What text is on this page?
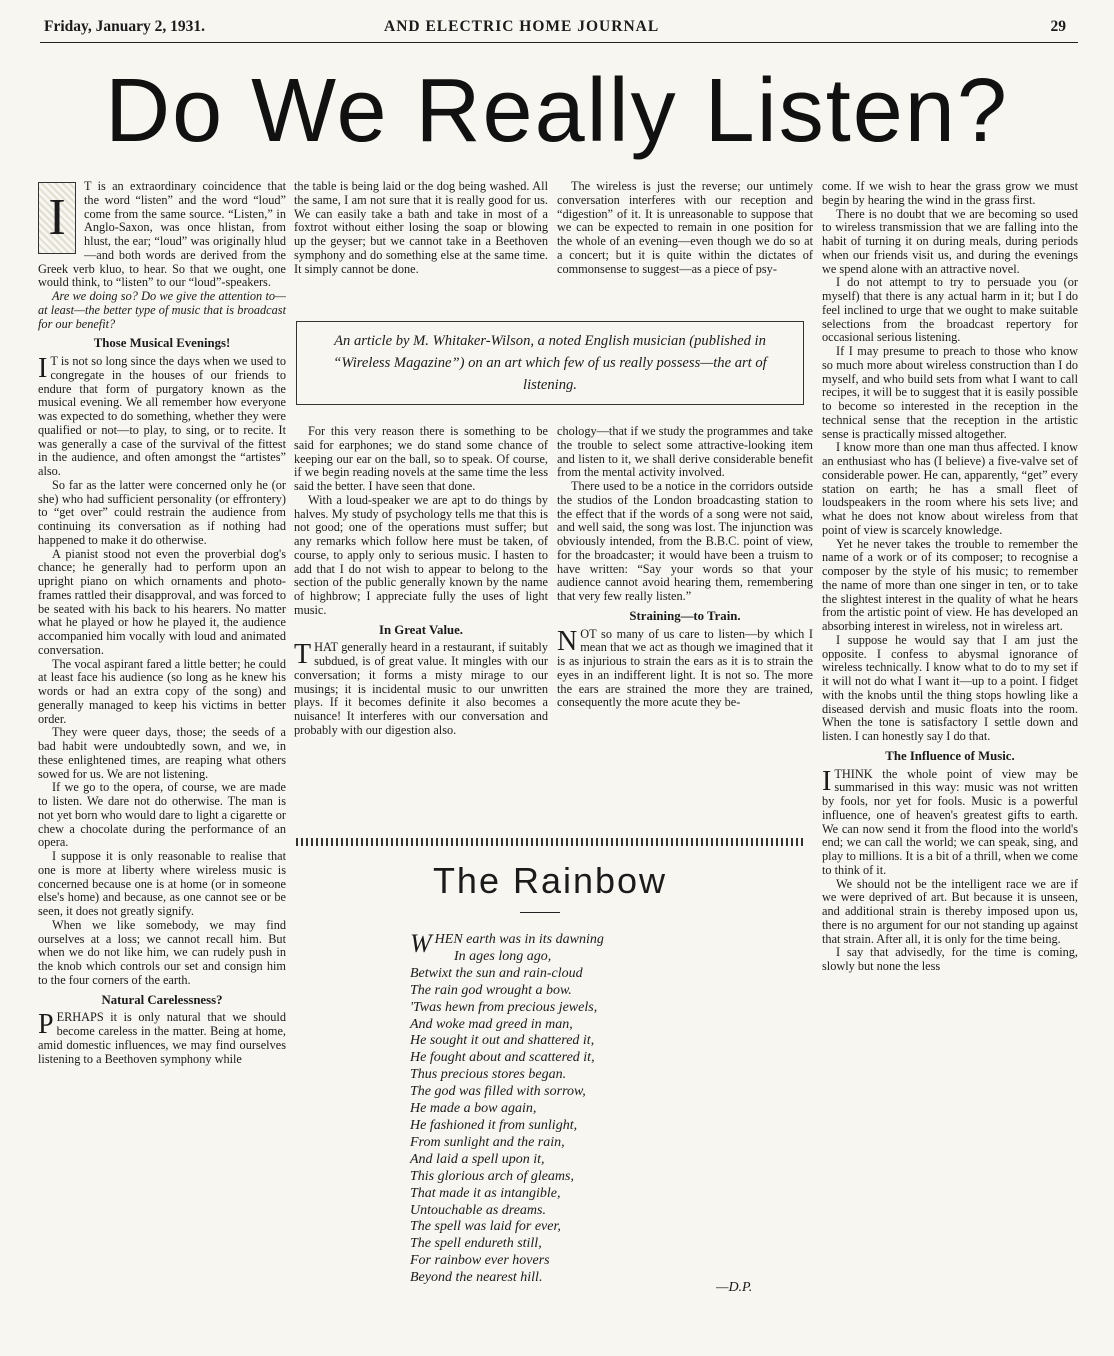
Friday, January 2, 1931.	AND ELECTRIC HOME JOURNAL	29
Do We Really Listen?
I

T is an extraordinary coincidence that the word “listen” and the word “loud” come from the same source. “Listen,” in Anglo-Saxon, was once hlistan, from hlust, the ear; “loud” was originally hlud—and both words are derived from the Greek verb kluo, to hear. So that we ought, one would think, to “listen” to our “loud”-speakers.

Are we doing so? Do we give the attention to—at least—the better type of music that is broadcast for our benefit?

Those Musical Evenings!
I T is not so long since the days when we used to congregate in the houses of our friends to endure that form of purgatory known as the musical evening. We all remember how everyone was expected to do something, whether they were qualified or not—to play, to sing, or to recite. It was generally a case of the survival of the fittest in the audience, and often amongst the “artistes” also.

So far as the latter were concerned only he (or she) who had sufficient personality (or effrontery) to “get over” could restrain the audience from continuing its conversation as if nothing had happened to make it do otherwise.

A pianist stood not even the proverbial dog's chance; he generally had to perform upon an upright piano on which ornaments and photo-frames rattled their disapproval, and was forced to be seated with his back to his hearers. No matter what he played or how he played it, the audience accompanied him vocally with loud and animated conversation.

The vocal aspirant fared a little better; he could at least face his audience (so long as he knew his words or had an extra copy of the song) and generally managed to keep his victims in better order.

They were queer days, those; the seeds of a bad habit were undoubtedly sown, and we, in these enlightened times, are reaping what others sowed for us. We are not listening.

If we go to the opera, of course, we are made to listen. We dare not do otherwise. The man is not yet born who would dare to light a cigarette or chew a chocolate during the performance of an opera.

I suppose it is only reasonable to realise that one is more at liberty where wireless music is concerned because one is at home (or in someone else's home) and because, as one cannot see or be seen, it does not greatly signify.

When we like somebody, we may find ourselves at a loss; we cannot recall him. But when we do not like him, we can rudely push in the knob which controls our set and consign him to the four corners of the earth.

Natural Carelessness?
P ERHAPS it is only natural that we should become careless in the matter. Being at home, amid domestic influences, we may find ourselves listening to a Beethoven symphony while

the table is being laid or the dog being washed. All the same, I am not sure that it is really good for us. We can easily take a bath and take in most of a foxtrot without either losing the soap or blowing up the geyser; but we cannot take in a Beethoven symphony and do something else at the same time. It simply cannot be done.

The wireless is just the reverse; our untimely conversation interferes with our reception and “digestion” of it. It is unreasonable to suppose that we can be expected to remain in one position for the whole of an evening—even though we do so at a concert; but it is quite within the dictates of commonsense to suggest—as a piece of psy-

An article by M. Whitaker-Wilson, a noted English musician (published in “Wireless Magazine”) on an art which few of us really possess—the art of listening.

For this very reason there is something to be said for earphones; we do stand some chance of keeping our ear on the ball, so to speak. Of course, if we begin reading novels at the same time the less said the better. I have seen that done.

With a loud-speaker we are apt to do things by halves. My study of psychology tells me that this is not good; one of the operations must suffer; but any remarks which follow here must be taken, of course, to apply only to serious music. I hasten to add that I do not wish to appear to belong to the section of the public generally known by the name of highbrow; I appreciate fully the uses of light music.

In Great Value.
T HAT generally heard in a restaurant, if suitably subdued, is of great value. It mingles with our conversation; it forms a misty mirage to our musings; it is incidental music to our unwritten plays. If it becomes definite it also becomes a nuisance! It interferes with our conversation and probably with our digestion also.

chology—that if we study the programmes and take the trouble to select some attractive-looking item and listen to it, we shall derive considerable benefit from the mental activity involved.

There used to be a notice in the corridors outside the studios of the London broadcasting station to the effect that if the words of a song were not said, and well said, the song was lost. The injunction was obviously intended, from the B.B.C. point of view, for the broadcaster; it would have been a truism to have written: “Say your words so that your audience cannot avoid hearing them, remembering that very few really listen.”

Straining—to Train.
N OT so many of us care to listen—by which I mean that we act as though we imagined that it is as injurious to strain the ears as it is to strain the eyes in an indifferent light. It is not so. The more the ears are strained the more they are trained, consequently the more acute they be-

come. If we wish to hear the grass grow we must begin by hearing the wind in the grass first.

There is no doubt that we are becoming so used to wireless transmission that we are falling into the habit of turning it on during meals, during periods when our friends visit us, and during the evenings we spend alone with an attractive novel.

I do not attempt to try to persuade you (or myself) that there is any actual harm in it; but I do feel inclined to urge that we ought to make suitable selections from the broadcast repertory for occasional serious listening.

If I may presume to preach to those who know so much more about wireless construction than I do myself, and who build sets from what I want to call recipes, it will be to suggest that it is easily possible to become so interested in the reception in the technical sense that the reception in the artistic sense is practically missed altogether.

I know more than one man thus affected. I know an enthusiast who has (I believe) a five-valve set of considerable power. He can, apparently, “get” every station on earth; he has a small fleet of loudspeakers in the room where his sets live; and what he does not know about wireless from that point of view is scarcely knowledge.

Yet he never takes the trouble to remember the name of a work or of its composer; to recognise a composer by the style of his music; to remember the name of more than one singer in ten, or to take the slightest interest in the quality of what he hears from the artistic point of view. He has developed an absorbing interest in wireless, not in wireless art.

I suppose he would say that I am just the opposite. I confess to abysmal ignorance of wireless technically. I know what to do to my set if it will not do what I want it—up to a point. I fidget with the knobs until the thing stops howling like a diseased dervish and music floats into the room. When the tone is satisfactory I settle down and listen. I can honestly say I do that.

The Influence of Music.
I THINK the whole point of view may be summarised in this way: music was not written by fools, nor yet for fools. Music is a powerful influence, one of heaven's greatest gifts to earth. We can now send it from the flood into the world's end; we can call the world; we can speak, sing, and play to millions. It is a bit of a thrill, when we come to think of it.

We should not be the intelligent race we are if we were deprived of art. But because it is unseen, and additional strain is thereby imposed upon us, there is no argument for our not standing up against that strain. After all, it is only for the time being.

I say that advisedly, for the time is coming, slowly but none the less

The Rainbow
WHEN earth was in its dawning
In ages long ago,
Betwixt the sun and rain-cloud
The rain god wrought a bow.
'Twas hewn from precious jewels,
And woke mad greed in man,
He sought it out and shattered it,
He fought about and scattered it,
Thus precious stores began.
The god was filled with sorrow,
He made a bow again,
He fashioned it from sunlight,
From sunlight and the rain,
And laid a spell upon it,
This glorious arch of gleams,
That made it as intangible,
Untouchable as dreams.
The spell was laid for ever,
The spell endureth still,
For rainbow ever hovers
Beyond the nearest hill.
—D.P.
